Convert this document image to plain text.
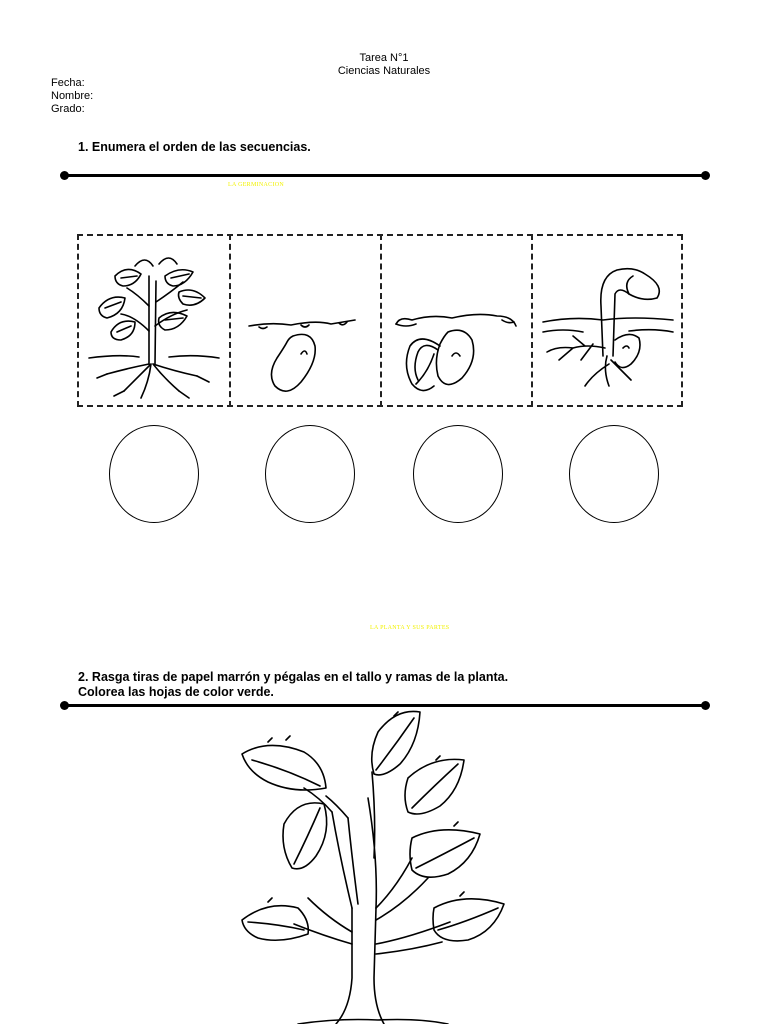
Tarea N°1
Ciencias Naturales
Fecha:
Nombre:
Grado:
1. Enumera el orden de las secuencias.
LA GERMINACION
LA PLANTA Y SUS PARTES
2. Rasga tiras de papel marrón y pégalas en el tallo y ramas de la planta.
Colorea las hojas de color verde.
